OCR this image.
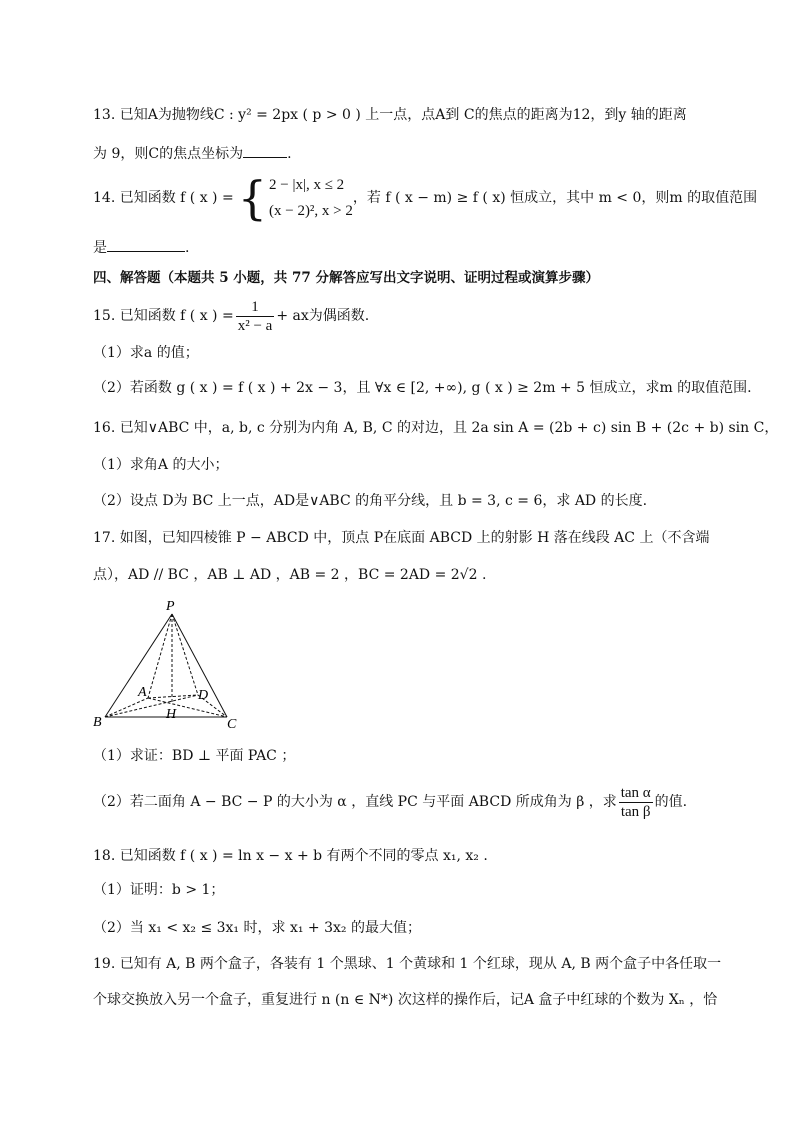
13. 已知A为抛物线C : y² = 2px ( p > 0 ) 上一点，点A到 C的焦点的距离为12，到y 轴的距离
为 9，则C的焦点坐标为	.
14. 已知函数 f ( x ) ={ 2 − |x|, x ≤ 2
(x − 2)², x > 2
，若 f ( x − m) ≥ f ( x) 恒成立，其中 m < 0，则m 的取值范围
是	.
四、解答题（本题共 5 小题，共 77 分解答应写出文字说明、证明过程或演算步骤）
15. 已知函数 f ( x ) = $\frac{1}{\text{x² − a}}$ + ax为偶函数.
（1）求a 的值；
（2）若函数 g ( x ) = f ( x ) + 2x − 3，且 ∀x ∈ [2, +∞), g ( x ) ≥ 2m + 5 恒成立，求m 的取值范围.
16. 已知∨ABC 中，a, b, c 分别为内角 A, B, C 的对边，且 2a sin A = (2b + c) sin B + (2c + b) sin C，
（1）求角A 的大小；
（2）设点 D为 BC 上一点，AD是∨ABC 的角平分线，且 b = 3, c = 6，求 AD 的长度.
17. 如图，已知四棱锥 P − ABCD 中，顶点 P在底面 ABCD 上的射影 H 落在线段 AC 上（不含端
点），AD // BC ，AB ⊥ AD ，AB = 2 ，BC = 2AD = 2√2 .
P
A	D
H
B	C
（1）求证：BD ⊥ 平面 PAC ；
（2）若二面角 A − BC − P 的大小为 α ，直线 PC 与平面 ABCD 所成角为 β ，求 $\frac{\text{tan α}}{\text{tan β}}$ 的值.
18. 已知函数 f ( x ) = ln x − x + b 有两个不同的零点 x₁, x₂ .
（1）证明：b > 1；
（2）当 x₁ < x₂ ≤ 3x₁ 时，求 x₁ + 3x₂ 的最大值；
19. 已知有 A, B 两个盒子，各装有 1 个黑球、1 个黄球和 1 个红球，现从 A, B 两个盒子中各任取一
个球交换放入另一个盒子，重复进行 n (n ∈ N*) 次这样的操作后，记A 盒子中红球的个数为 Xₙ ，恰
